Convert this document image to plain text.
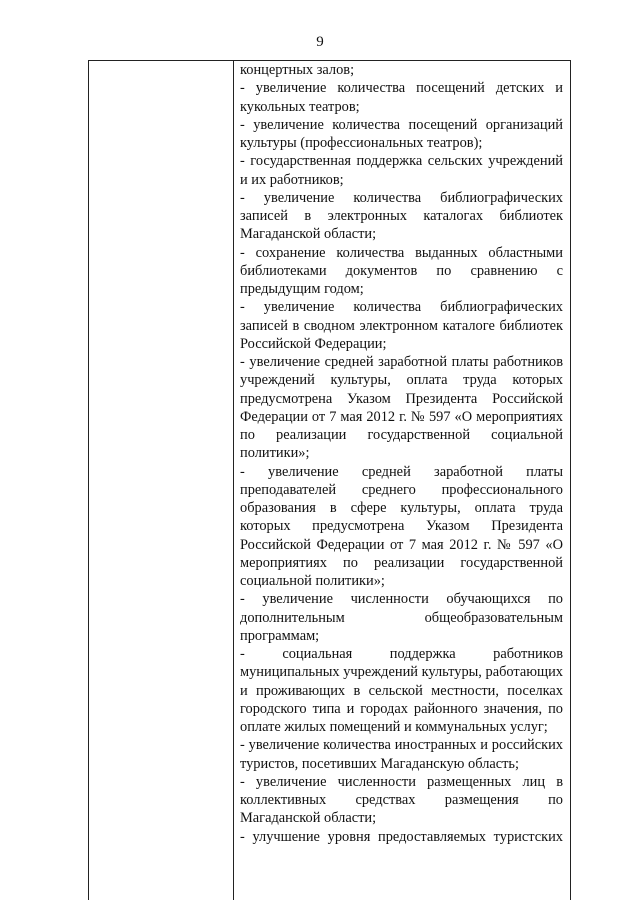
9

концертных залов;

- увеличение количества посещений детских и кукольных театров;

- увеличение количества посещений организаций культуры (профессиональных театров);

- государственная поддержка сельских учреждений и их работников;

- увеличение количества библиографических записей в электронных каталогах библиотек Магаданской области;

- сохранение количества выданных областными библиотеками документов по сравнению с предыдущим годом;

- увеличение количества библиографических записей в сводном электронном каталоге библиотек Российской Федерации;

- увеличение средней заработной платы работников учреждений культуры, оплата труда которых предусмотрена Указом Президента Российской Федерации от 7 мая 2012 г. № 597 «О мероприятиях по реализации государственной социальной политики»;

- увеличение средней заработной платы преподавателей среднего профессионального образования в сфере культуры, оплата труда которых предусмотрена Указом Президента Российской Федерации от 7 мая 2012 г. № 597 «О мероприятиях по реализации государственной социальной политики»;

- увеличение численности обучающихся по дополнительным общеобразовательным программам;

- социальная поддержка работников муниципальных учреждений культуры, работающих и проживающих в сельской местности, поселках городского типа и городах районного значения, по оплате жилых помещений и коммунальных услуг;

- увеличение количества иностранных и российских туристов, посетивших Магаданскую область;

- увеличение численности размещенных лиц в коллективных средствах размещения по Магаданской области;

- улучшение уровня предоставляемых туристских
